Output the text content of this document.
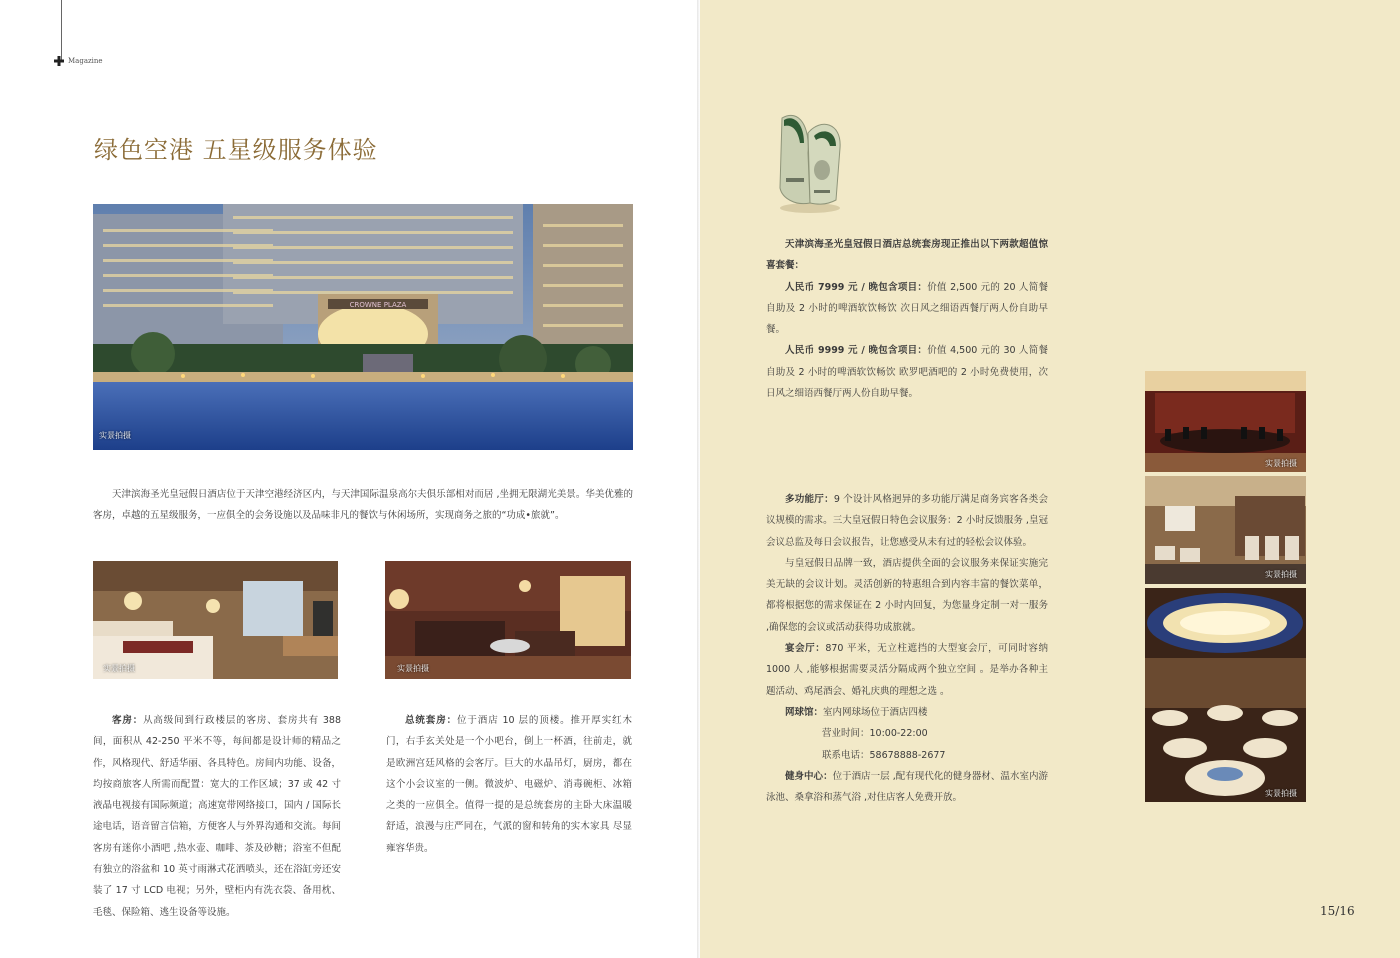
Magazine
绿色空港 五星级服务体验
CROWNE PLAZA
实景拍摄

天津滨海圣光皇冠假日酒店位于天津空港经济区内，与天津国际温泉高尔夫俱乐部相对而居 ,坐拥无限湖光美景。华美优雅的客房，卓越的五星级服务，一应俱全的会务设施以及品味非凡的餐饮与休闲场所，实现商务之旅的“功成•旅就”。

实景拍摄	实景拍摄

客房：从高级间到行政楼层的客房、套房共有 388 间，面积从 42-250 平米不等，每间都是设计师的精品之作，风格现代、舒适华丽、各具特色。房间内功能、设备，均按商旅客人所需而配置：宽大的工作区域；37 或 42 寸液晶电视接有国际频道；高速宽带网络接口，国内 / 国际长途电话，语音留言信箱，方便客人与外界沟通和交流。每间客房有迷你小酒吧 ,热水壶、咖啡、茶及砂糖；浴室不但配有独立的浴盆和 10 英寸雨淋式花洒喷头，还在浴缸旁还安装了 17 寸 LCD 电视；另外，壁柜内有洗衣袋、备用枕、毛毯、保险箱、逃生设备等设施。

总统套房：位于酒店 10 层的顶楼。推开厚实红木门，右手玄关处是一个小吧台，倒上一杯酒，往前走，就是欧洲宫廷风格的会客厅。巨大的水晶吊灯，厨房，都在这个小会议室的一侧。微波炉、电磁炉、消毒碗柜、冰箱之类的一应俱全。值得一提的是总统套房的主卧大床温暖舒适，浪漫与庄严同在，气派的窗和转角的实木家具 尽显雍容华贵。

天津滨海圣光皇冠假日酒店总统套房现正推出以下两款超值惊喜套餐：

人民币 7999 元 / 晚包含项目：价值 2,500 元的 20 人简餐自助及 2 小时的啤酒软饮畅饮 次日风之细语西餐厅两人份自助早餐。

人民币 9999 元 / 晚包含项目：价值 4,500 元的 30 人简餐自助及 2 小时的啤酒软饮畅饮 欧罗吧酒吧的 2 小时免费使用，次日风之细语西餐厅两人份自助早餐。

多功能厅：9 个设计风格迥异的多功能厅满足商务宾客各类会议规模的需求。三大皇冠假日特色会议服务：2 小时反馈服务 ,皇冠会议总监及每日会议报告，让您感受从未有过的轻松会议体验。

与皇冠假日品牌一致，酒店提供全面的会议服务来保证实施完美无缺的会议计划。灵活创新的特惠组合到内容丰富的餐饮菜单，都将根据您的需求保证在 2 小时内回复，为您量身定制一对一服务 ,确保您的会议或活动获得功成旅就。

宴会厅：870 平米，无立柱遮挡的大型宴会厅，可同时容纳 1000 人 ,能够根据需要灵活分隔成两个独立空间 。是举办各种主题活动、鸡尾酒会、婚礼庆典的理想之选 。

网球馆：室内网球场位于酒店四楼

营业时间：10:00-22:00

联系电话：58678888-2677

健身中心：位于酒店一层 ,配有现代化的健身器材、温水室内游泳池、桑拿浴和蒸气浴 ,对住店客人免费开放。

实景拍摄
实景拍摄
实景拍摄
15/16
